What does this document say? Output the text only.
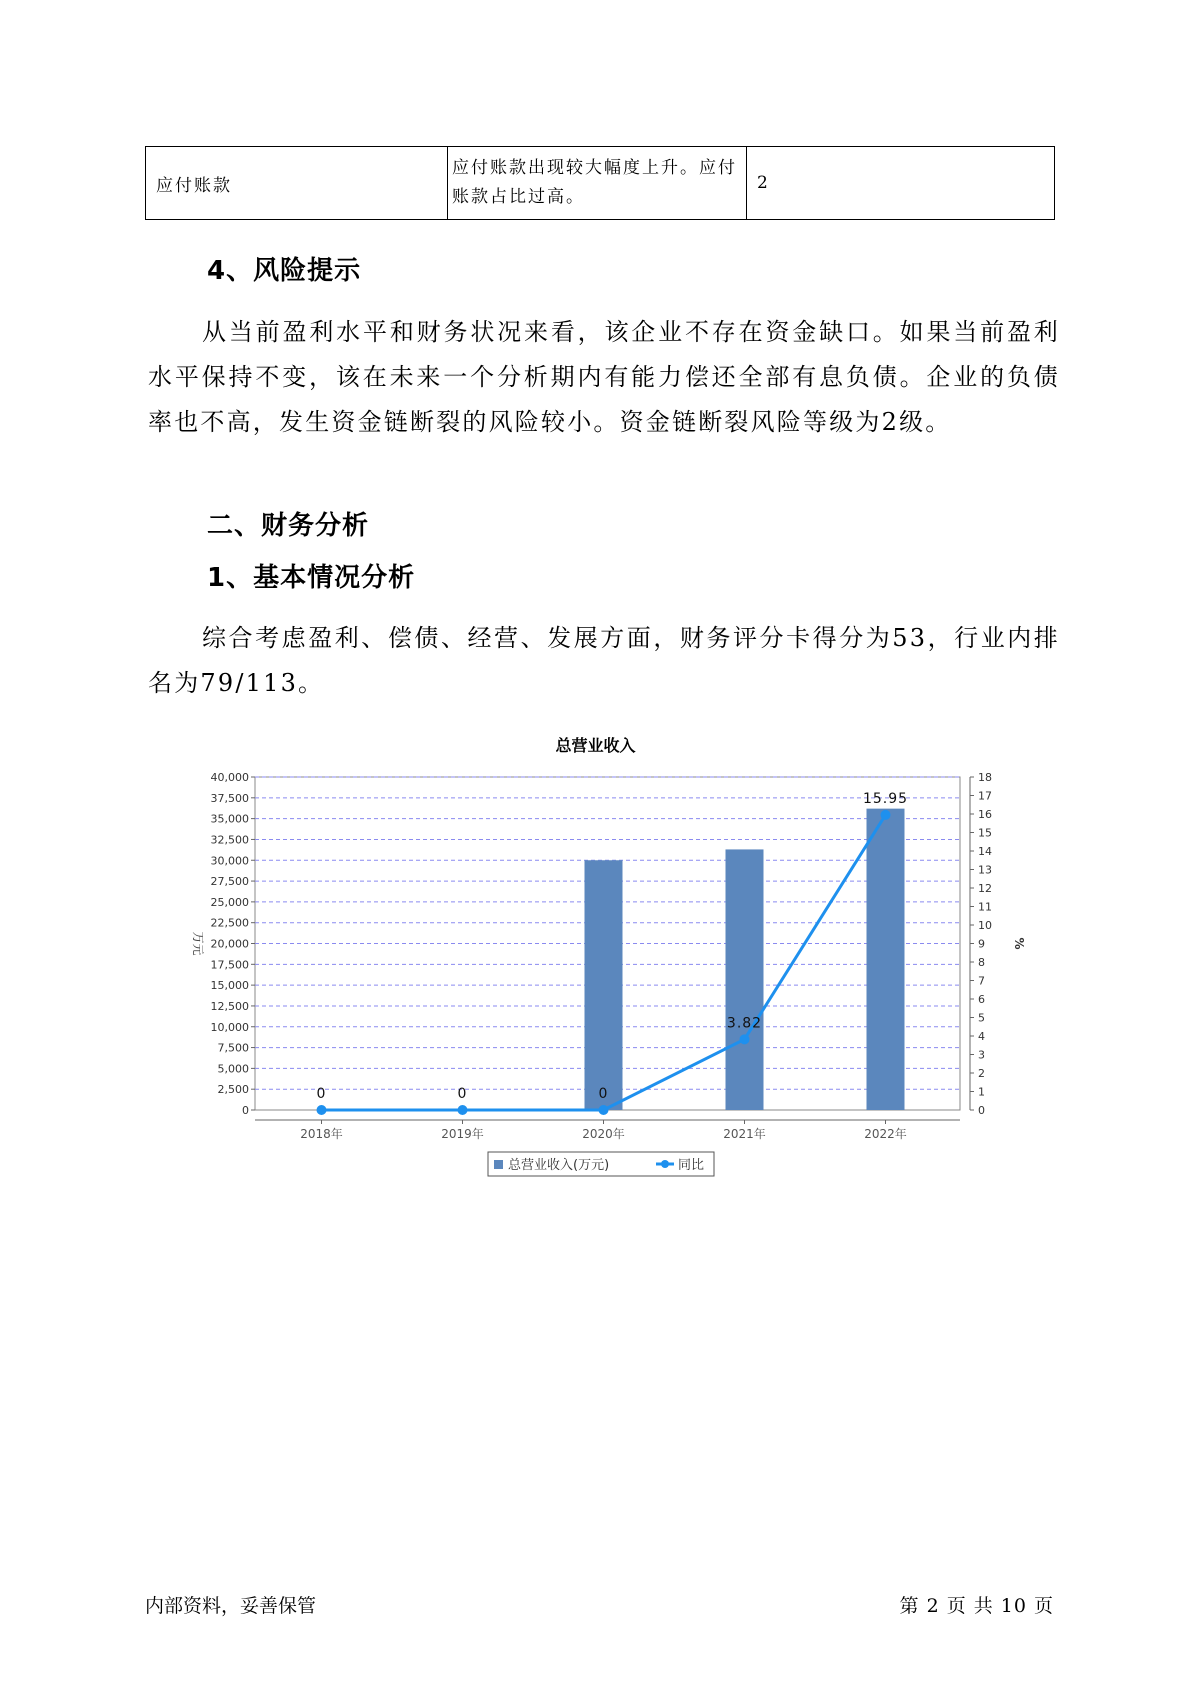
应付账款	应付账款出现较大幅度上升。应付账款占比过高。	2
4、风险提示
从当前盈利水平和财务状况来看，该企业不存在资金缺口。如果当前盈利水平保持不变，该在未来一个分析期内有能力偿还全部有息负债。企业的负债率也不高，发生资金链断裂的风险较小。资金链断裂风险等级为2级。
二、财务分析
1、基本情况分析
综合考虑盈利、偿债、经营、发展方面，财务评分卡得分为53，行业内排名为79/113。
总营业收入
0
2,500
5,000
7,500
10,000
12,500
15,000
17,500
20,000
22,500
25,000
27,500
30,000
32,500
35,000
37,500
40,000
0
1
2
3
4
5
6
7
8
9
10
11
12
13
14
15
16
17
18
万元	%
2018年	2019年	2020年	2021年	2022年
0	0	0
3.82
15.95
总营业收入(万元)	同比
内部资料，妥善保管	第 2 页 共 10 页
